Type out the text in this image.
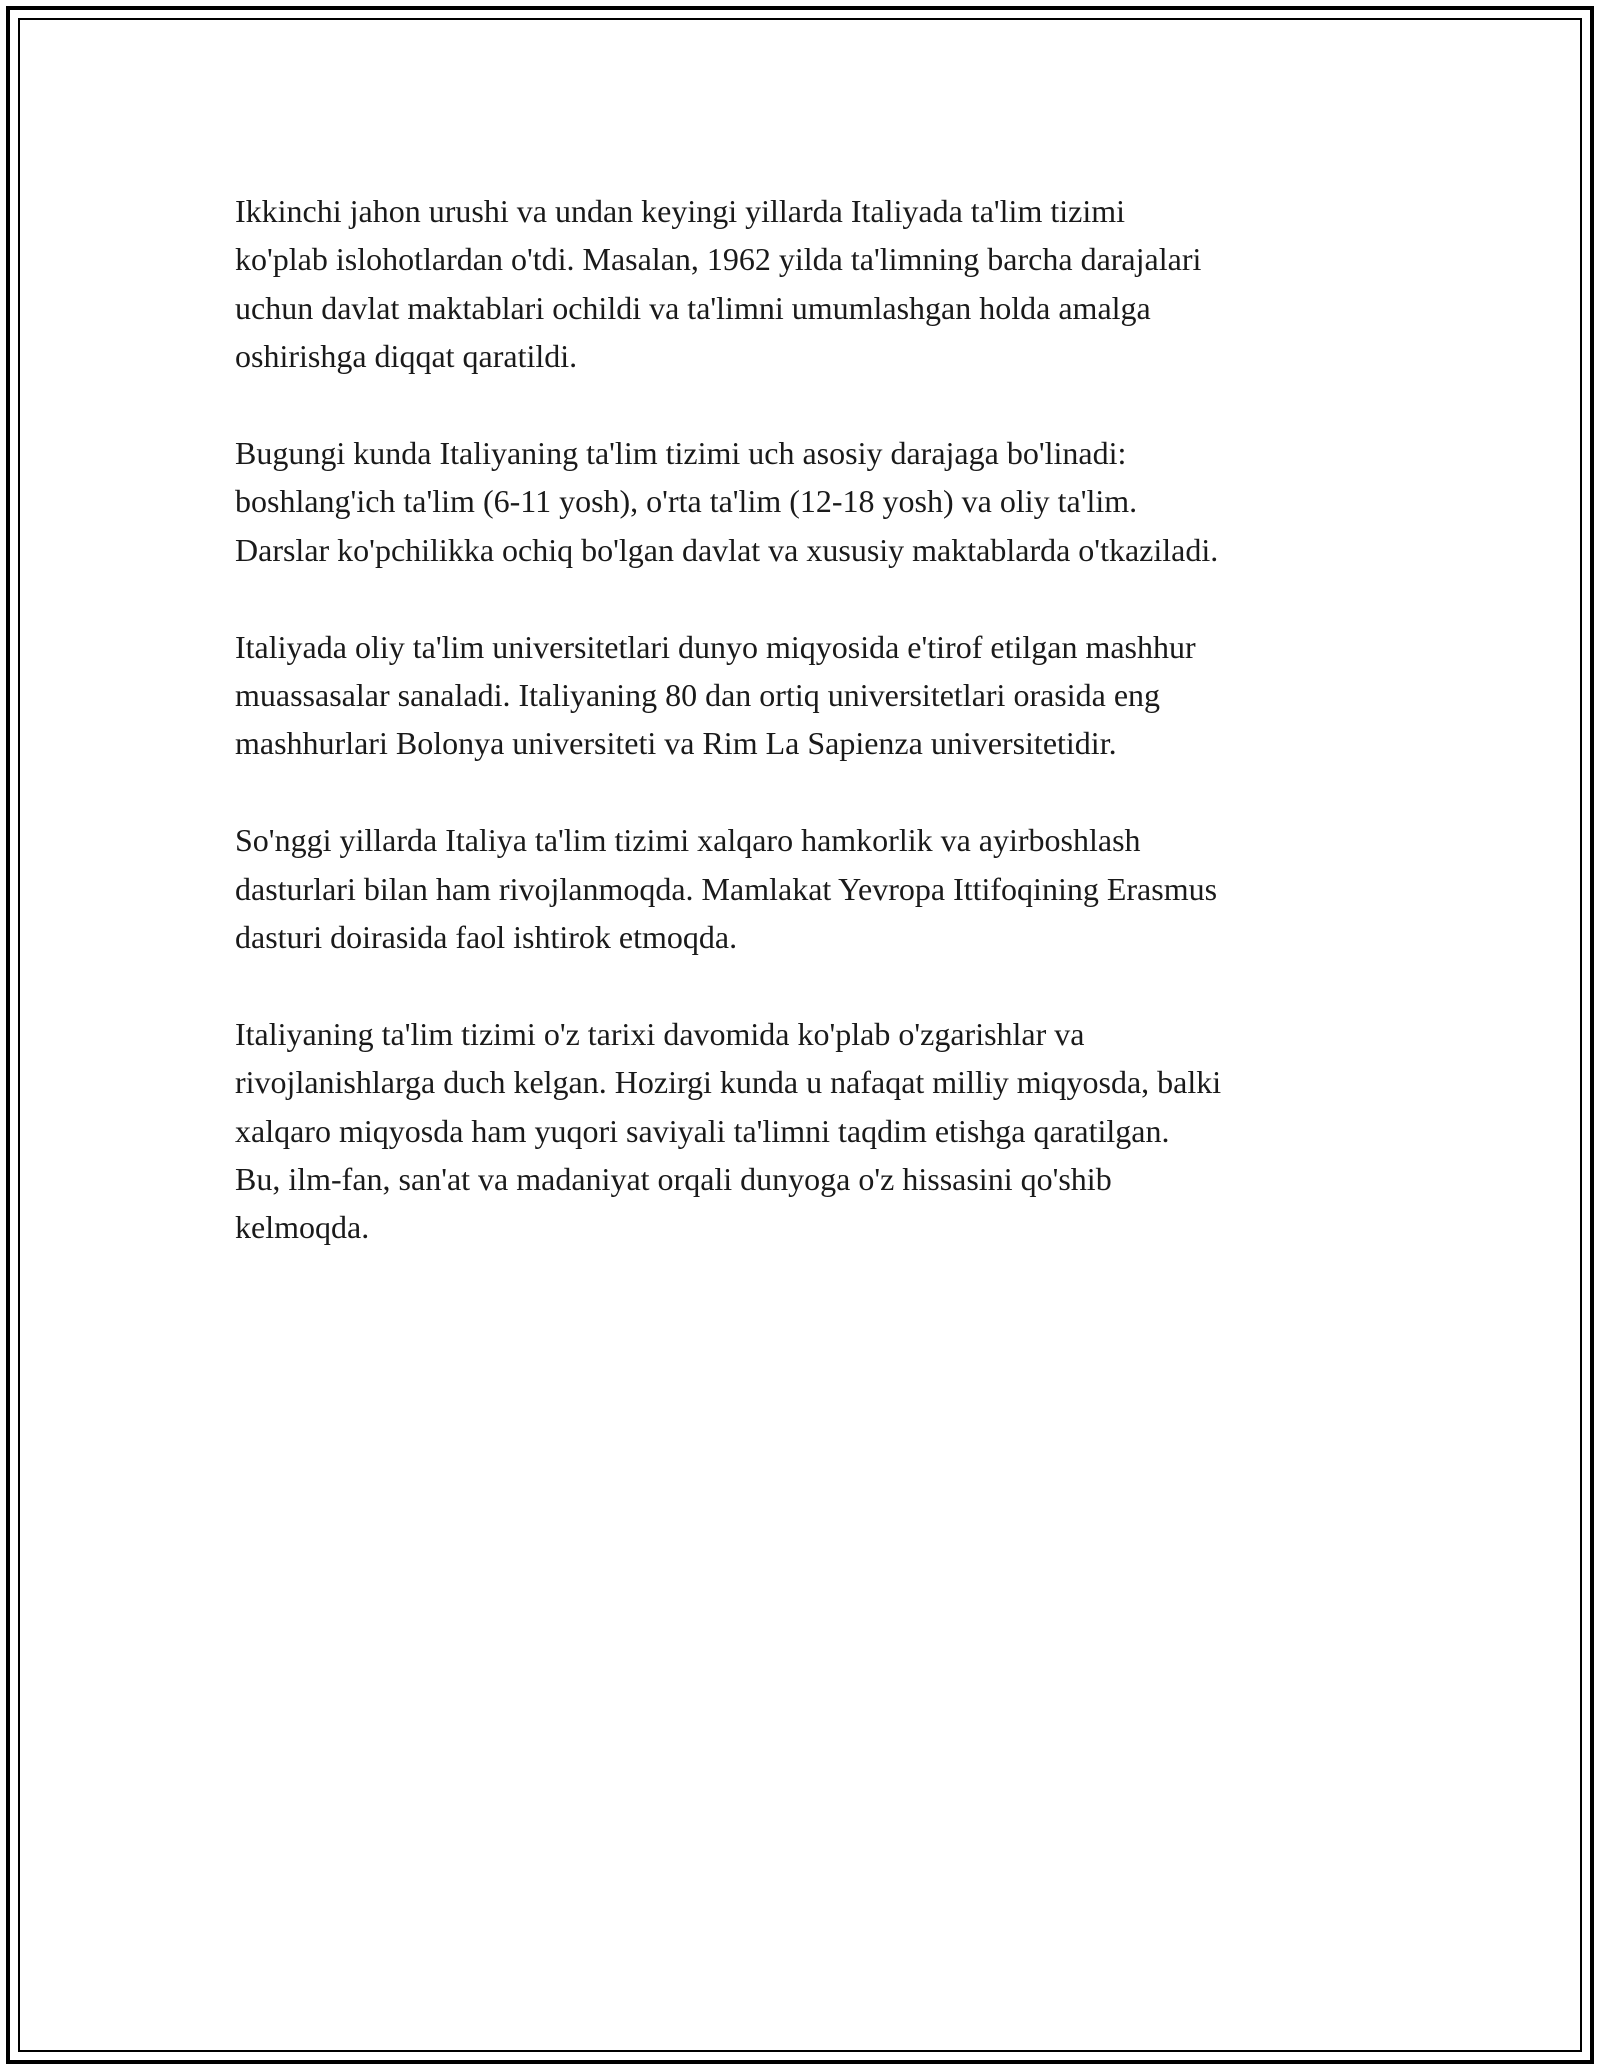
Ikkinchi jahon urushi va undan keyingi yillarda Italiyada ta'lim tizimi
ko'plab islohotlardan o'tdi. Masalan, 1962 yilda ta'limning barcha darajalari
uchun davlat maktablari ochildi va ta'limni umumlashgan holda amalga
oshirishga diqqat qaratildi.

Bugungi kunda Italiyaning ta'lim tizimi uch asosiy darajaga bo'linadi:
boshlang'ich ta'lim (6-11 yosh), o'rta ta'lim (12-18 yosh) va oliy ta'lim.
Darslar ko'pchilikka ochiq bo'lgan davlat va xususiy maktablarda o'tkaziladi.

Italiyada oliy ta'lim universitetlari dunyo miqyosida e'tirof etilgan mashhur
muassasalar sanaladi. Italiyaning 80 dan ortiq universitetlari orasida eng
mashhurlari Bolonya universiteti va Rim La Sapienza universitetidir.

So'nggi yillarda Italiya ta'lim tizimi xalqaro hamkorlik va ayirboshlash
dasturlari bilan ham rivojlanmoqda. Mamlakat Yevropa Ittifoqining Erasmus
dasturi doirasida faol ishtirok etmoqda.

Italiyaning ta'lim tizimi o'z tarixi davomida ko'plab o'zgarishlar va
rivojlanishlarga duch kelgan. Hozirgi kunda u nafaqat milliy miqyosda, balki
xalqaro miqyosda ham yuqori saviyali ta'limni taqdim etishga qaratilgan.
Bu, ilm-fan, san'at va madaniyat orqali dunyoga o'z hissasini qo'shib
kelmoqda.
